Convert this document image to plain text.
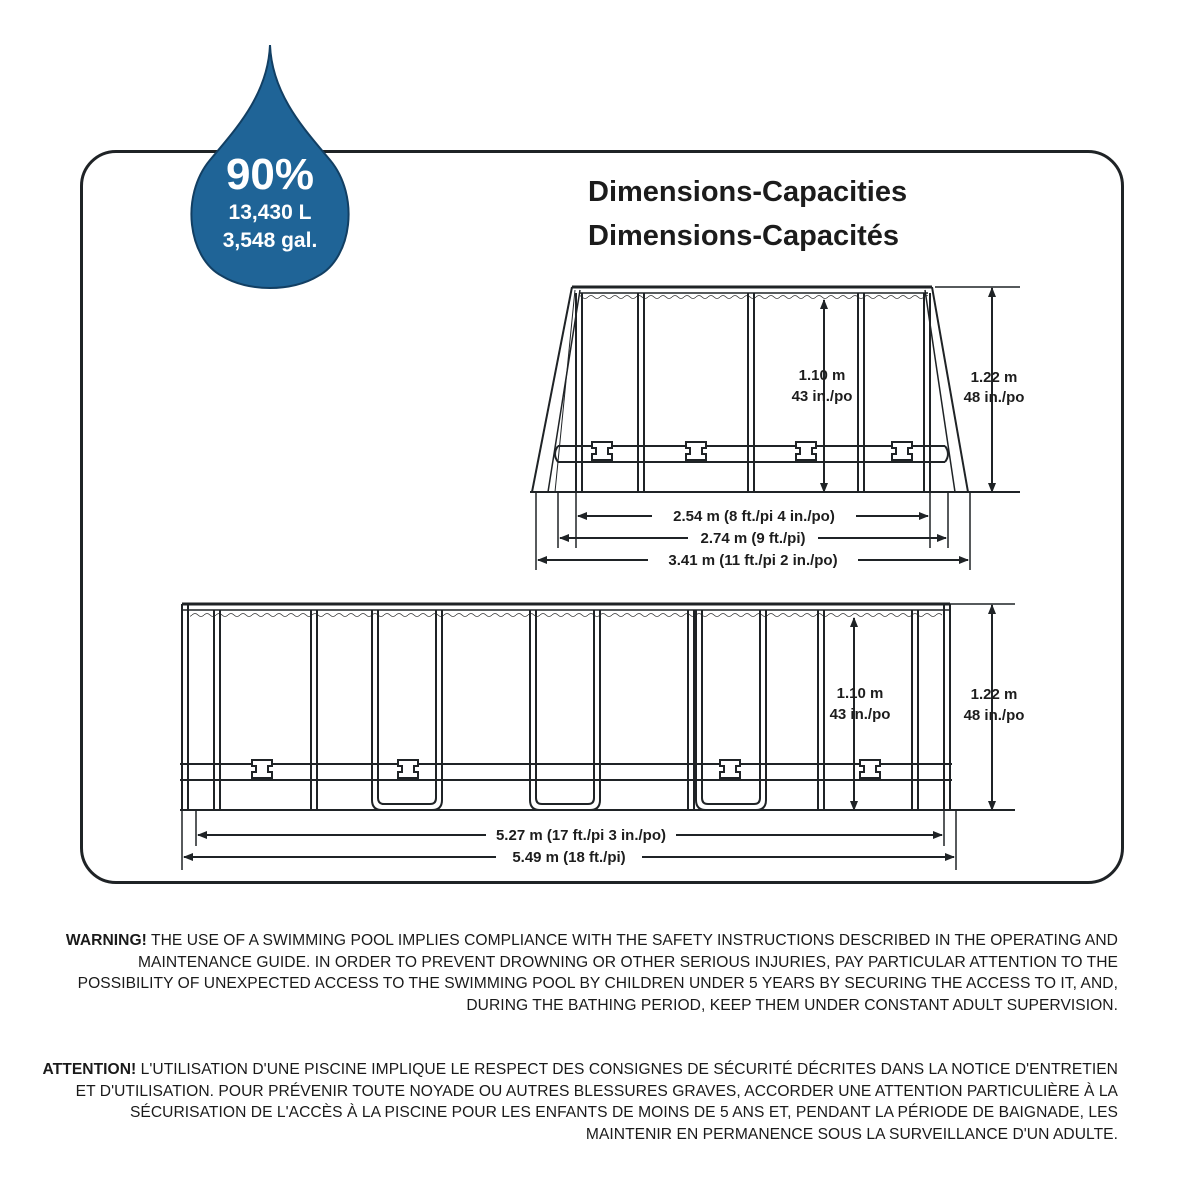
90%
13,430 L
3,548 gal.
Dimensions-Capacities
Dimensions-Capacités
1.10 m
43 in./po
1.22 m
48 in./po
2.54 m (8 ft./pi 4 in./po)
2.74 m (9 ft./pi)
3.41 m (11 ft./pi 2 in./po)
1.10 m
43 in./po
1.22 m
48 in./po
5.27 m (17 ft./pi 3 in./po)
5.49 m (18 ft./pi)
WARNING! THE USE OF A SWIMMING POOL IMPLIES COMPLIANCE WITH THE SAFETY INSTRUCTIONS DESCRIBED IN THE OPERATING AND MAINTENANCE GUIDE. IN ORDER TO PREVENT DROWNING OR OTHER SERIOUS INJURIES, PAY PARTICULAR ATTENTION TO THE POSSIBILITY OF UNEXPECTED ACCESS TO THE SWIMMING POOL BY CHILDREN UNDER 5 YEARS BY SECURING THE ACCESS TO IT, AND, DURING THE BATHING PERIOD, KEEP THEM UNDER CONSTANT ADULT SUPERVISION.
ATTENTION! L'UTILISATION D'UNE PISCINE IMPLIQUE LE RESPECT DES CONSIGNES DE SÉCURITÉ DÉCRITES DANS LA NOTICE D'ENTRETIEN ET D'UTILISATION. POUR PRÉVENIR TOUTE NOYADE OU AUTRES BLESSURES GRAVES, ACCORDER UNE ATTENTION PARTICULIÈRE À LA SÉCURISATION DE L'ACCÈS À LA PISCINE POUR LES ENFANTS DE MOINS DE 5 ANS ET, PENDANT LA PÉRIODE DE BAIGNADE, LES MAINTENIR EN PERMANENCE SOUS LA SURVEILLANCE D'UN ADULTE.
